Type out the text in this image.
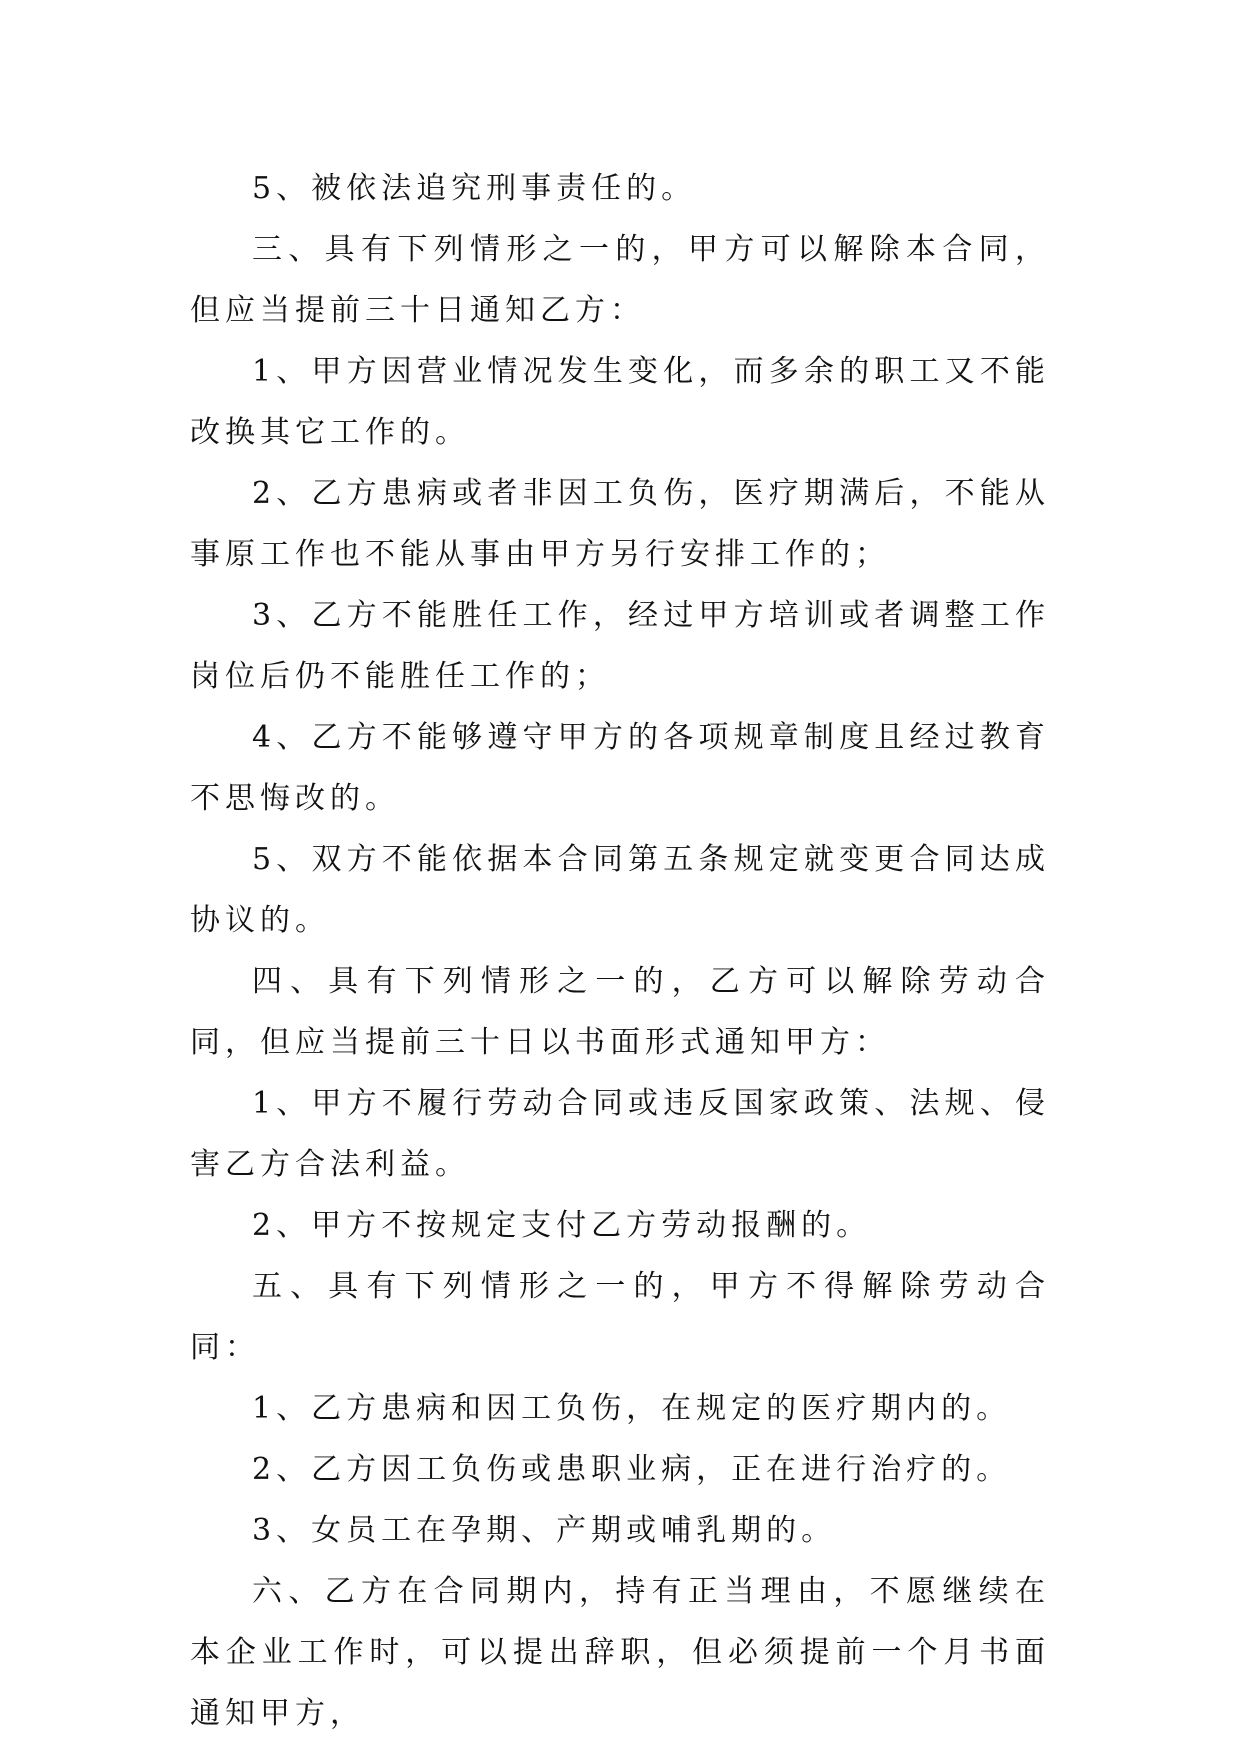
5、被依法追究刑事责任的。

三、具有下列情形之一的，甲方可以解除本合同，但应当提前三十日通知乙方：

1、甲方因营业情况发生变化，而多余的职工又不能改换其它工作的。

2、乙方患病或者非因工负伤，医疗期满后，不能从事原工作也不能从事由甲方另行安排工作的；

3、乙方不能胜任工作，经过甲方培训或者调整工作岗位后仍不能胜任工作的；

4、乙方不能够遵守甲方的各项规章制度且经过教育不思悔改的。

5、双方不能依据本合同第五条规定就变更合同达成协议的。

四、具有下列情形之一的，乙方可以解除劳动合同，但应当提前三十日以书面形式通知甲方：

1、甲方不履行劳动合同或违反国家政策、法规、侵害乙方合法利益。

2、甲方不按规定支付乙方劳动报酬的。

五、具有下列情形之一的，甲方不得解除劳动合同：

1、乙方患病和因工负伤，在规定的医疗期内的。

2、乙方因工负伤或患职业病，正在进行治疗的。

3、女员工在孕期、产期或哺乳期的。

六、乙方在合同期内，持有正当理由，不愿继续在本企业工作时，可以提出辞职，但必须提前一个月书面通知甲方，
